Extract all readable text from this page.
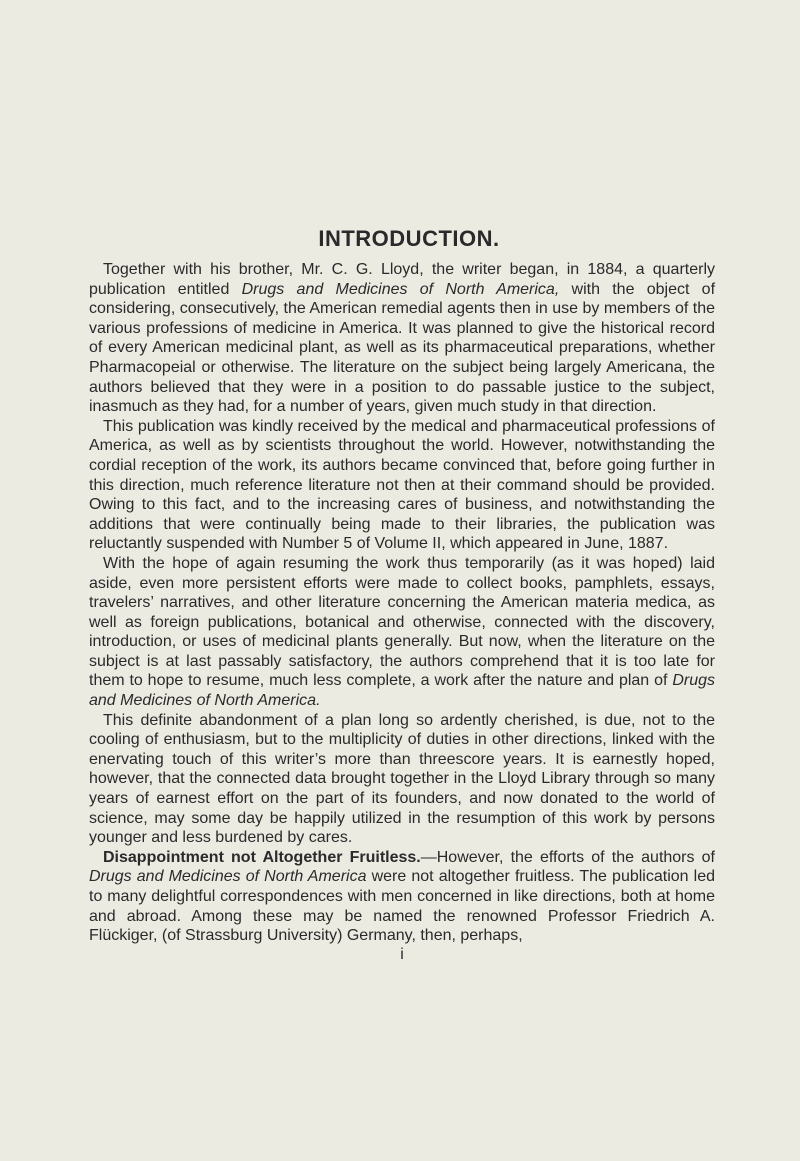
INTRODUCTION.

Together with his brother, Mr. C. G. Lloyd, the writer began, in 1884, a quarterly publication entitled Drugs and Medicines of North America, with the object of considering, consecutively, the American remedial agents then in use by members of the various professions of medicine in America. It was planned to give the historical record of every American medicinal plant, as well as its pharmaceutical preparations, whether Pharmacopeial or otherwise. The literature on the subject being largely Americana, the authors believed that they were in a position to do passable justice to the subject, inasmuch as they had, for a number of years, given much study in that direction.

This publication was kindly received by the medical and pharmaceutical professions of America, as well as by scientists throughout the world. However, notwithstanding the cordial reception of the work, its authors became convinced that, before going further in this direction, much reference literature not then at their command should be provided. Owing to this fact, and to the increasing cares of business, and notwithstanding the additions that were continually being made to their libraries, the publication was reluctantly suspended with Number 5 of Volume II, which appeared in June, 1887.

With the hope of again resuming the work thus temporarily (as it was hoped) laid aside, even more persistent efforts were made to collect books, pamphlets, essays, travelers’ narratives, and other literature concerning the American materia medica, as well as foreign publications, botanical and otherwise, connected with the discovery, introduction, or uses of medicinal plants generally. But now, when the literature on the subject is at last passably satisfactory, the authors comprehend that it is too late for them to hope to resume, much less complete, a work after the nature and plan of Drugs and Medicines of North America.

This definite abandonment of a plan long so ardently cherished, is due, not to the cooling of enthusiasm, but to the multiplicity of duties in other directions, linked with the enervating touch of this writer’s more than threescore years. It is earnestly hoped, however, that the connected data brought together in the Lloyd Library through so many years of earnest effort on the part of its founders, and now donated to the world of science, may some day be happily utilized in the resumption of this work by persons younger and less burdened by cares.

Disappointment not Altogether Fruitless.—However, the efforts of the authors of Drugs and Medicines of North America were not altogether fruitless. The publication led to many delightful correspondences with men concerned in like directions, both at home and abroad. Among these may be named the renowned Professor Friedrich A. Flückiger, (of Strassburg University) Germany, then, perhaps,

i
